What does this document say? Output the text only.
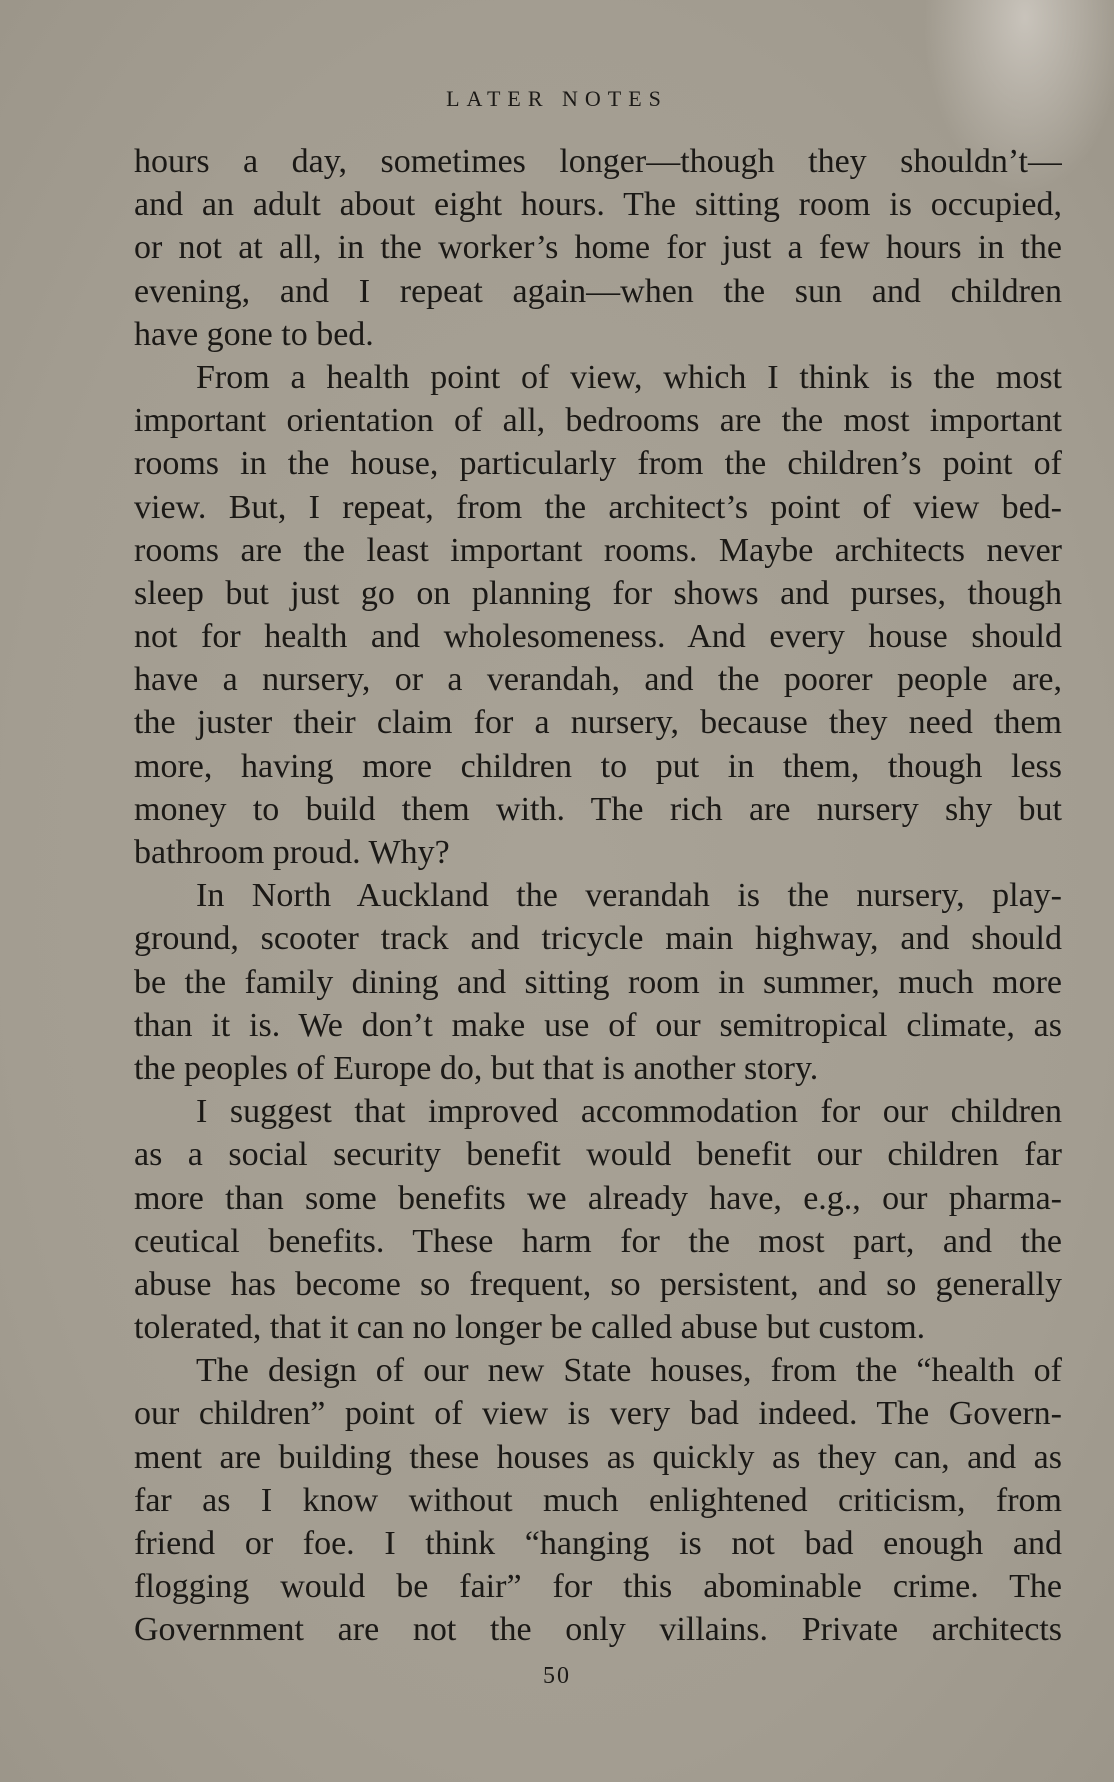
LATER NOTES
hours a day, sometimes longer—though they shouldn’t—
and an adult about eight hours. The sitting room is occupied,
or not at all, in the worker’s home for just a few hours in the
evening, and I repeat again—when the sun and children
have gone to bed.
From a health point of view, which I think is the most
important orientation of all, bedrooms are the most important
rooms in the house, particularly from the children’s point of
view. But, I repeat, from the architect’s point of view bed-
rooms are the least important rooms. Maybe architects never
sleep but just go on planning for shows and purses, though
not for health and wholesomeness. And every house should
have a nursery, or a verandah, and the poorer people are,
the juster their claim for a nursery, because they need them
more, having more children to put in them, though less
money to build them with. The rich are nursery shy but
bathroom proud. Why?
In North Auckland the verandah is the nursery, play-
ground, scooter track and tricycle main highway, and should
be the family dining and sitting room in summer, much more
than it is. We don’t make use of our semitropical climate, as
the peoples of Europe do, but that is another story.
I suggest that improved accommodation for our children
as a social security benefit would benefit our children far
more than some benefits we already have, e.g., our pharma-
ceutical benefits. These harm for the most part, and the
abuse has become so frequent, so persistent, and so generally
tolerated, that it can no longer be called abuse but custom.
The design of our new State houses, from the “health of
our children” point of view is very bad indeed. The Govern-
ment are building these houses as quickly as they can, and as
far as I know without much enlightened criticism, from
friend or foe. I think “hanging is not bad enough and
flogging would be fair” for this abominable crime. The
Government are not the only villains. Private architects
50
